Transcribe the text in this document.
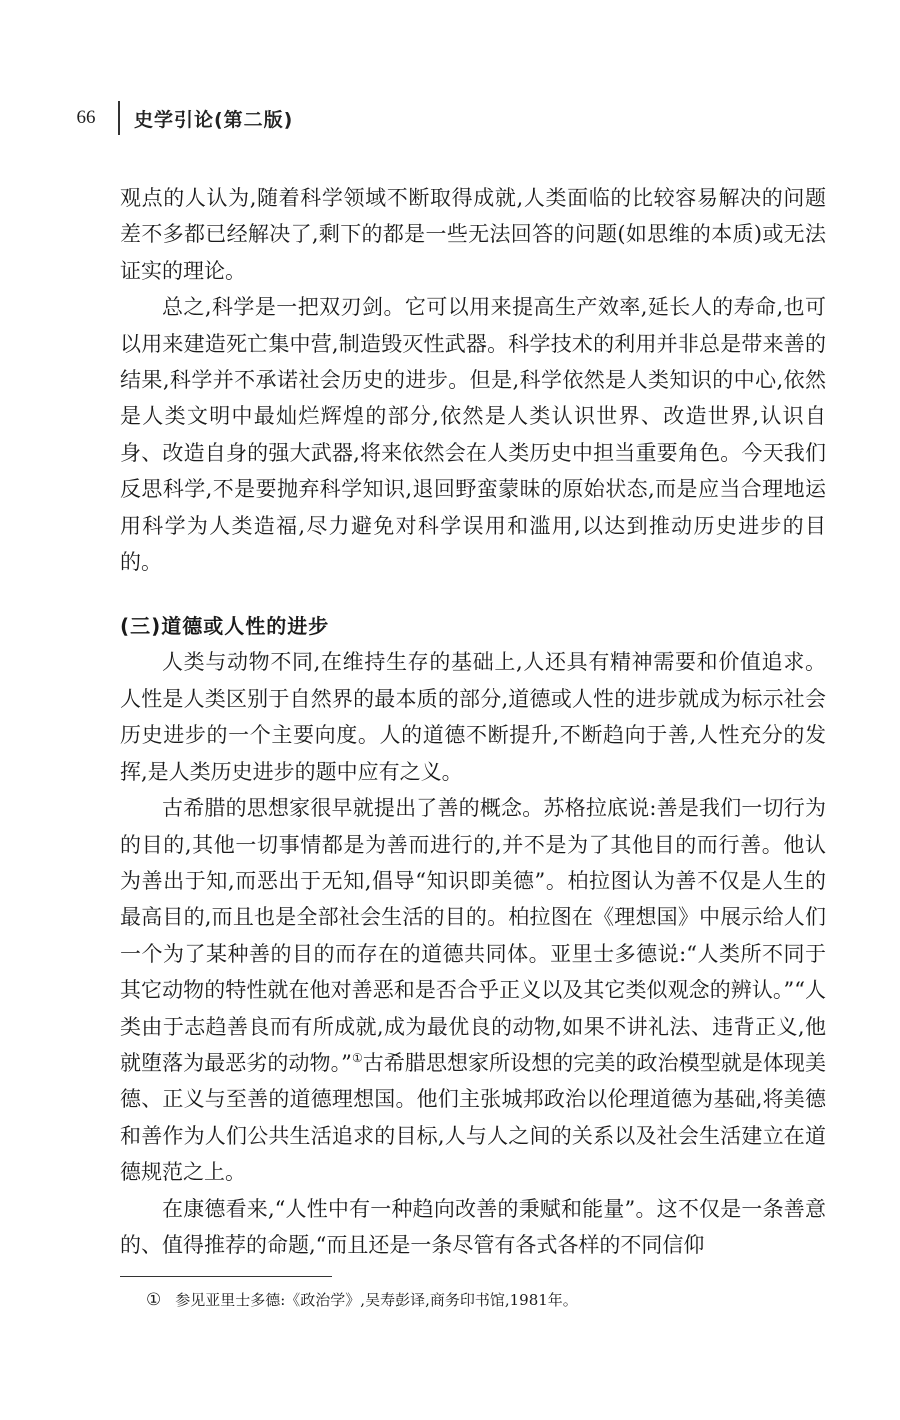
66	史学引论(第二版)

观点的人认为,随着科学领域不断取得成就,人类面临的比较容易解决的问题差不多都已经解决了,剩下的都是一些无法回答的问题(如思维的本质)或无法证实的理论。

总之,科学是一把双刃剑。它可以用来提高生产效率,延长人的寿命,也可以用来建造死亡集中营,制造毁灭性武器。科学技术的利用并非总是带来善的结果,科学并不承诺社会历史的进步。但是,科学依然是人类知识的中心,依然是人类文明中最灿烂辉煌的部分,依然是人类认识世界、改造世界,认识自身、改造自身的强大武器,将来依然会在人类历史中担当重要角色。今天我们反思科学,不是要抛弃科学知识,退回野蛮蒙昧的原始状态,而是应当合理地运用科学为人类造福,尽力避免对科学误用和滥用,以达到推动历史进步的目的。

(三)道德或人性的进步

人类与动物不同,在维持生存的基础上,人还具有精神需要和价值追求。人性是人类区别于自然界的最本质的部分,道德或人性的进步就成为标示社会历史进步的一个主要向度。人的道德不断提升,不断趋向于善,人性充分的发挥,是人类历史进步的题中应有之义。

古希腊的思想家很早就提出了善的概念。苏格拉底说:善是我们一切行为的目的,其他一切事情都是为善而进行的,并不是为了其他目的而行善。他认为善出于知,而恶出于无知,倡导“知识即美德”。柏拉图认为善不仅是人生的最高目的,而且也是全部社会生活的目的。柏拉图在《理想国》中展示给人们一个为了某种善的目的而存在的道德共同体。亚里士多德说:“人类所不同于其它动物的特性就在他对善恶和是否合乎正义以及其它类似观念的辨认。”“人类由于志趋善良而有所成就,成为最优良的动物,如果不讲礼法、违背正义,他就堕落为最恶劣的动物。”①古希腊思想家所设想的完美的政治模型就是体现美德、正义与至善的道德理想国。他们主张城邦政治以伦理道德为基础,将美德和善作为人们公共生活追求的目标,人与人之间的关系以及社会生活建立在道德规范之上。

在康德看来,“人性中有一种趋向改善的秉赋和能量”。这不仅是一条善意的、值得推荐的命题,“而且还是一条尽管有各式各样的不同信仰

① 参见亚里士多德:《政治学》,吴寿彭译,商务印书馆,1981年。
